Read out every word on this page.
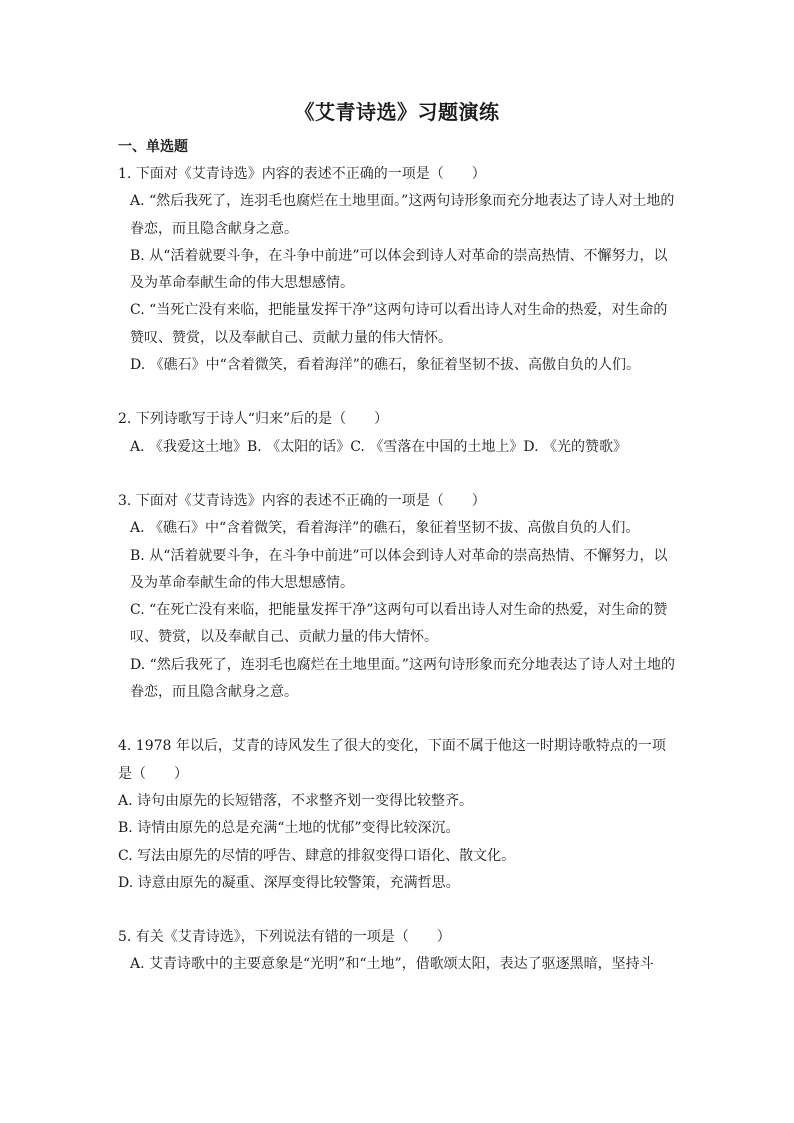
《艾青诗选》习题演练
一、单选题

1. 下面对《艾青诗选》内容的表述不正确的一项是（　　）

A. “然后我死了，连羽毛也腐烂在土地里面。”这两句诗形象而充分地表达了诗人对土地的眷恋，而且隐含献身之意。

B. 从“活着就要斗争，在斗争中前进”可以体会到诗人对革命的崇高热情、不懈努力，以及为革命奉献生命的伟大思想感情。

C. “当死亡没有来临，把能量发挥干净”这两句诗可以看出诗人对生命的热爱，对生命的赞叹、赞赏，以及奉献自己、贡献力量的伟大情怀。

D. 《礁石》中“含着微笑，看着海洋”的礁石，象征着坚韧不拔、高傲自负的人们。

2. 下列诗歌写于诗人“归来”后的是（　　）

A. 《我爱这土地》B. 《太阳的话》C. 《雪落在中国的土地上》D. 《光的赞歌》

3. 下面对《艾青诗选》内容的表述不正确的一项是（　　）

A. 《礁石》中“含着微笑，看着海洋”的礁石，象征着坚韧不拔、高傲自负的人们。

B. 从“活着就要斗争，在斗争中前进”可以体会到诗人对革命的崇高热情、不懈努力，以及为革命奉献生命的伟大思想感情。

C. “在死亡没有来临，把能量发挥干净”这两句可以看出诗人对生命的热爱，对生命的赞叹、赞赏，以及奉献自己、贡献力量的伟大情怀。

D. “然后我死了，连羽毛也腐烂在土地里面。”这两句诗形象而充分地表达了诗人对土地的眷恋，而且隐含献身之意。

4. 1978 年以后，艾青的诗风发生了很大的变化，下面不属于他这一时期诗歌特点的一项是（　　）

A. 诗句由原先的长短错落，不求整齐划一变得比较整齐。

B. 诗情由原先的总是充满“土地的忧郁”变得比较深沉。

C. 写法由原先的尽情的呼告、肆意的排叙变得口语化、散文化。

D. 诗意由原先的凝重、深厚变得比较警策，充满哲思。

5. 有关《艾青诗选》，下列说法有错的一项是（　　）

A. 艾青诗歌中的主要意象是“光明”和“土地”，借歌颂太阳，表达了驱逐黑暗，坚持斗
